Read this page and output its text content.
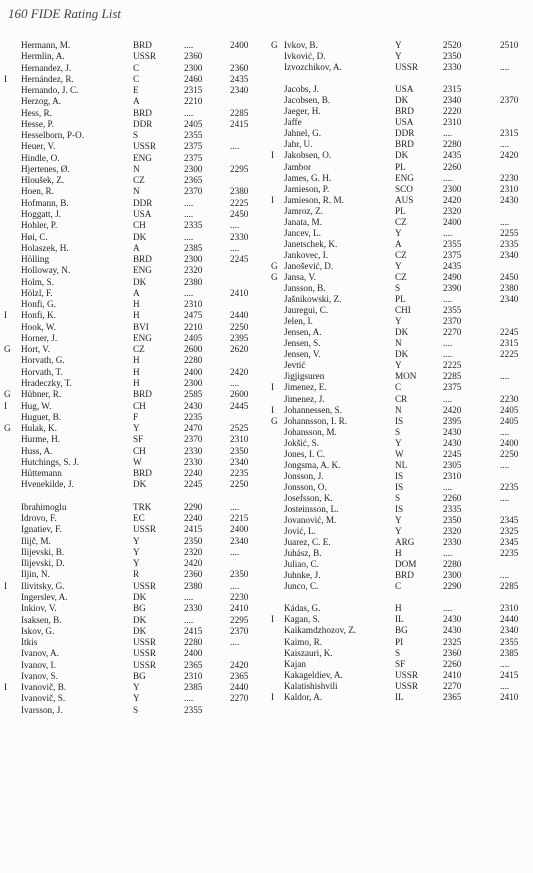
160 FIDE Rating List
Hermann, M.	BRD	....	2400
Hermlin, A.	USSR	2360
Hernandez, J.	C	2300	2360
I	Hernández, R.	C	2460	2435
Hernando, J. C.	E	2315	2340
Herzog, A.	A	2210
Hess, R.	BRD	....	2285
Hesse, P.	DDR	2405	2415
Hesselborn, P-O.	S	2355
Heuer, V.	USSR	2375	....
Hindle, O.	ENG	2375
Hjertenes, Ø.	N	2300	2295
Hloušek, Z.	CZ	2365
Hoen, R.	N	2370	2380
Hofmann, B.	DDR	....	2225
Hoggatt, J.	USA	....	2450
Hohler, P.	CH	2335	....
Høi, C.	DK	....	2330
Holaszek, H.	A	2385	....
Hölling	BRD	2300	2245
Holloway, N.	ENG	2320
Holm, S.	DK	2380
Hölzl, F.	A	....	2410
Honfi, G.	H	2310
I	Honfi, K.	H	2475	2440
Hook, W.	BVI	2210	2250
Horner, J.	ENG	2405	2395
G	Hort, V.	CZ	2600	2620
Horvath, G.	H	2280
Horvath, T.	H	2400	2420
Hradeczky, T.	H	2300	....
G	Hübner, R.	BRD	2585	2600
I	Hug, W.	CH	2430	2445
Huguet, B.	F	2235
G	Hulak, K.	Y	2470	2525
Hurme, H.	SF	2370	2310
Huss, A.	CH	2330	2350
Hutchings, S. J.	W	2330	2340
Hüttemann	BRD	2240	2235
Hvenekilde, J.	DK	2245	2250
Ibrahimoglu	TRK	2290	....
Idrovo, F.	EC	2240	2215
Ignatiev, F.	USSR	2415	2400
Ilijč, M.	Y	2350	2340
Ilijevski, B.	Y	2320	....
Ilijevski, D.	Y	2420
Iljin, N.	R	2360	2350
I	Ilivitsky, G.	USSR	2380	....
Ingerslev, A.	DK	....	2230
Inkiov, V.	BG	2330	2410
Isaksen, B.	DK	....	2295
Iskov, G.	DK	2415	2370
Itkis	USSR	2280	....
Ivanov, A.	USSR	2400
Ivanov, I.	USSR	2365	2420
Ivanov, S.	BG	2310	2365
I	Ivanovič, B.	Y	2385	2440
Ivanovič, S.	Y	....	2270
Ivarsson, J.	S	2355
G Ivkov, B.	Y	2520	2510
Ivković, D.	Y	2350
Izvozchikov, A.	USSR	2330	....
Jacobs, J.	USA	2315
Jacobsen, B.	DK	2340	2370
Jaeger, H.	BRD	2220
Jaffe	USA	2310
Jahnel, G.	DDR	....	2315
Jahr, U.	BRD	2280	....
I	Jakobsen, O.	DK	2435	2420
Jambor	PL	2260
James, G. H.	ENG	....	2230
Jamieson, P.	SCO	2300	2310
I	Jamieson, R. M.	AUS	2420	2430
Jamroz, Z.	PL	2320
Janata, M.	CZ	2400	....
Jancev, L.	Y	....	2255
Janetschek, K.	A	2355	2335
Jankovec, I.	CZ	2375	2340
G Janošević, D.	Y	2435
G Jansa, V.	CZ	2490	2450
Jansson, B.	S	2390	2380
Jašnikowski, Z.	PL	....	2340
Jauregui, C.	CHI	2355
Jelen, I.	Y	2370
Jensen, A.	DK	2270	2245
Jensen, S.	N	....	2315
Jensen, V.	DK	....	2225
Jevtić	Y	2225
Jigjigsuren	MON	2285	....
I	Jimenez, E.	C	2375
Jimenez, J.	CR	....	2230
I	Johannessen, S.	N	2420	2405
G Johannsson, I. R.	IS	2395	2405
Johansson, M.	S	2430	....
Jokšić, S.	Y	2430	2400
Jones, I. C.	W	2245	2250
Jongsma, A. K.	NL	2305	....
Jonsson, J.	IS	2310
Jonsson, O.	IS	....	2235
Josefsson, K.	S	2260	....
Josteinsson, L.	IS	2335
Jovanović, M.	Y	2350	2345
Jović, L.	Y	2320	2325
Juarez, C. E.	ARG	2330	2345
Juhász, B.	H	....	2235
Juliao, C.	DOM	2280
Juhnke, J.	BRD	2300	....
Junco, C.	C	2290	2285
Kádas, G.	H	....	2310
I	Kagan, S.	IL	2430	2440
Kaikamdzhozov, Z.	BG	2430	2340
Kaimo, R.	PI	2325	2355
Kaiszauri, K.	S	2360	2385
Kajan	SF	2260	....
Kakageldiev, A.	USSR	2410	2415
Kalatishishvili	USSR	2270	....
I	Kaldor, A.	IL	2365	2410
